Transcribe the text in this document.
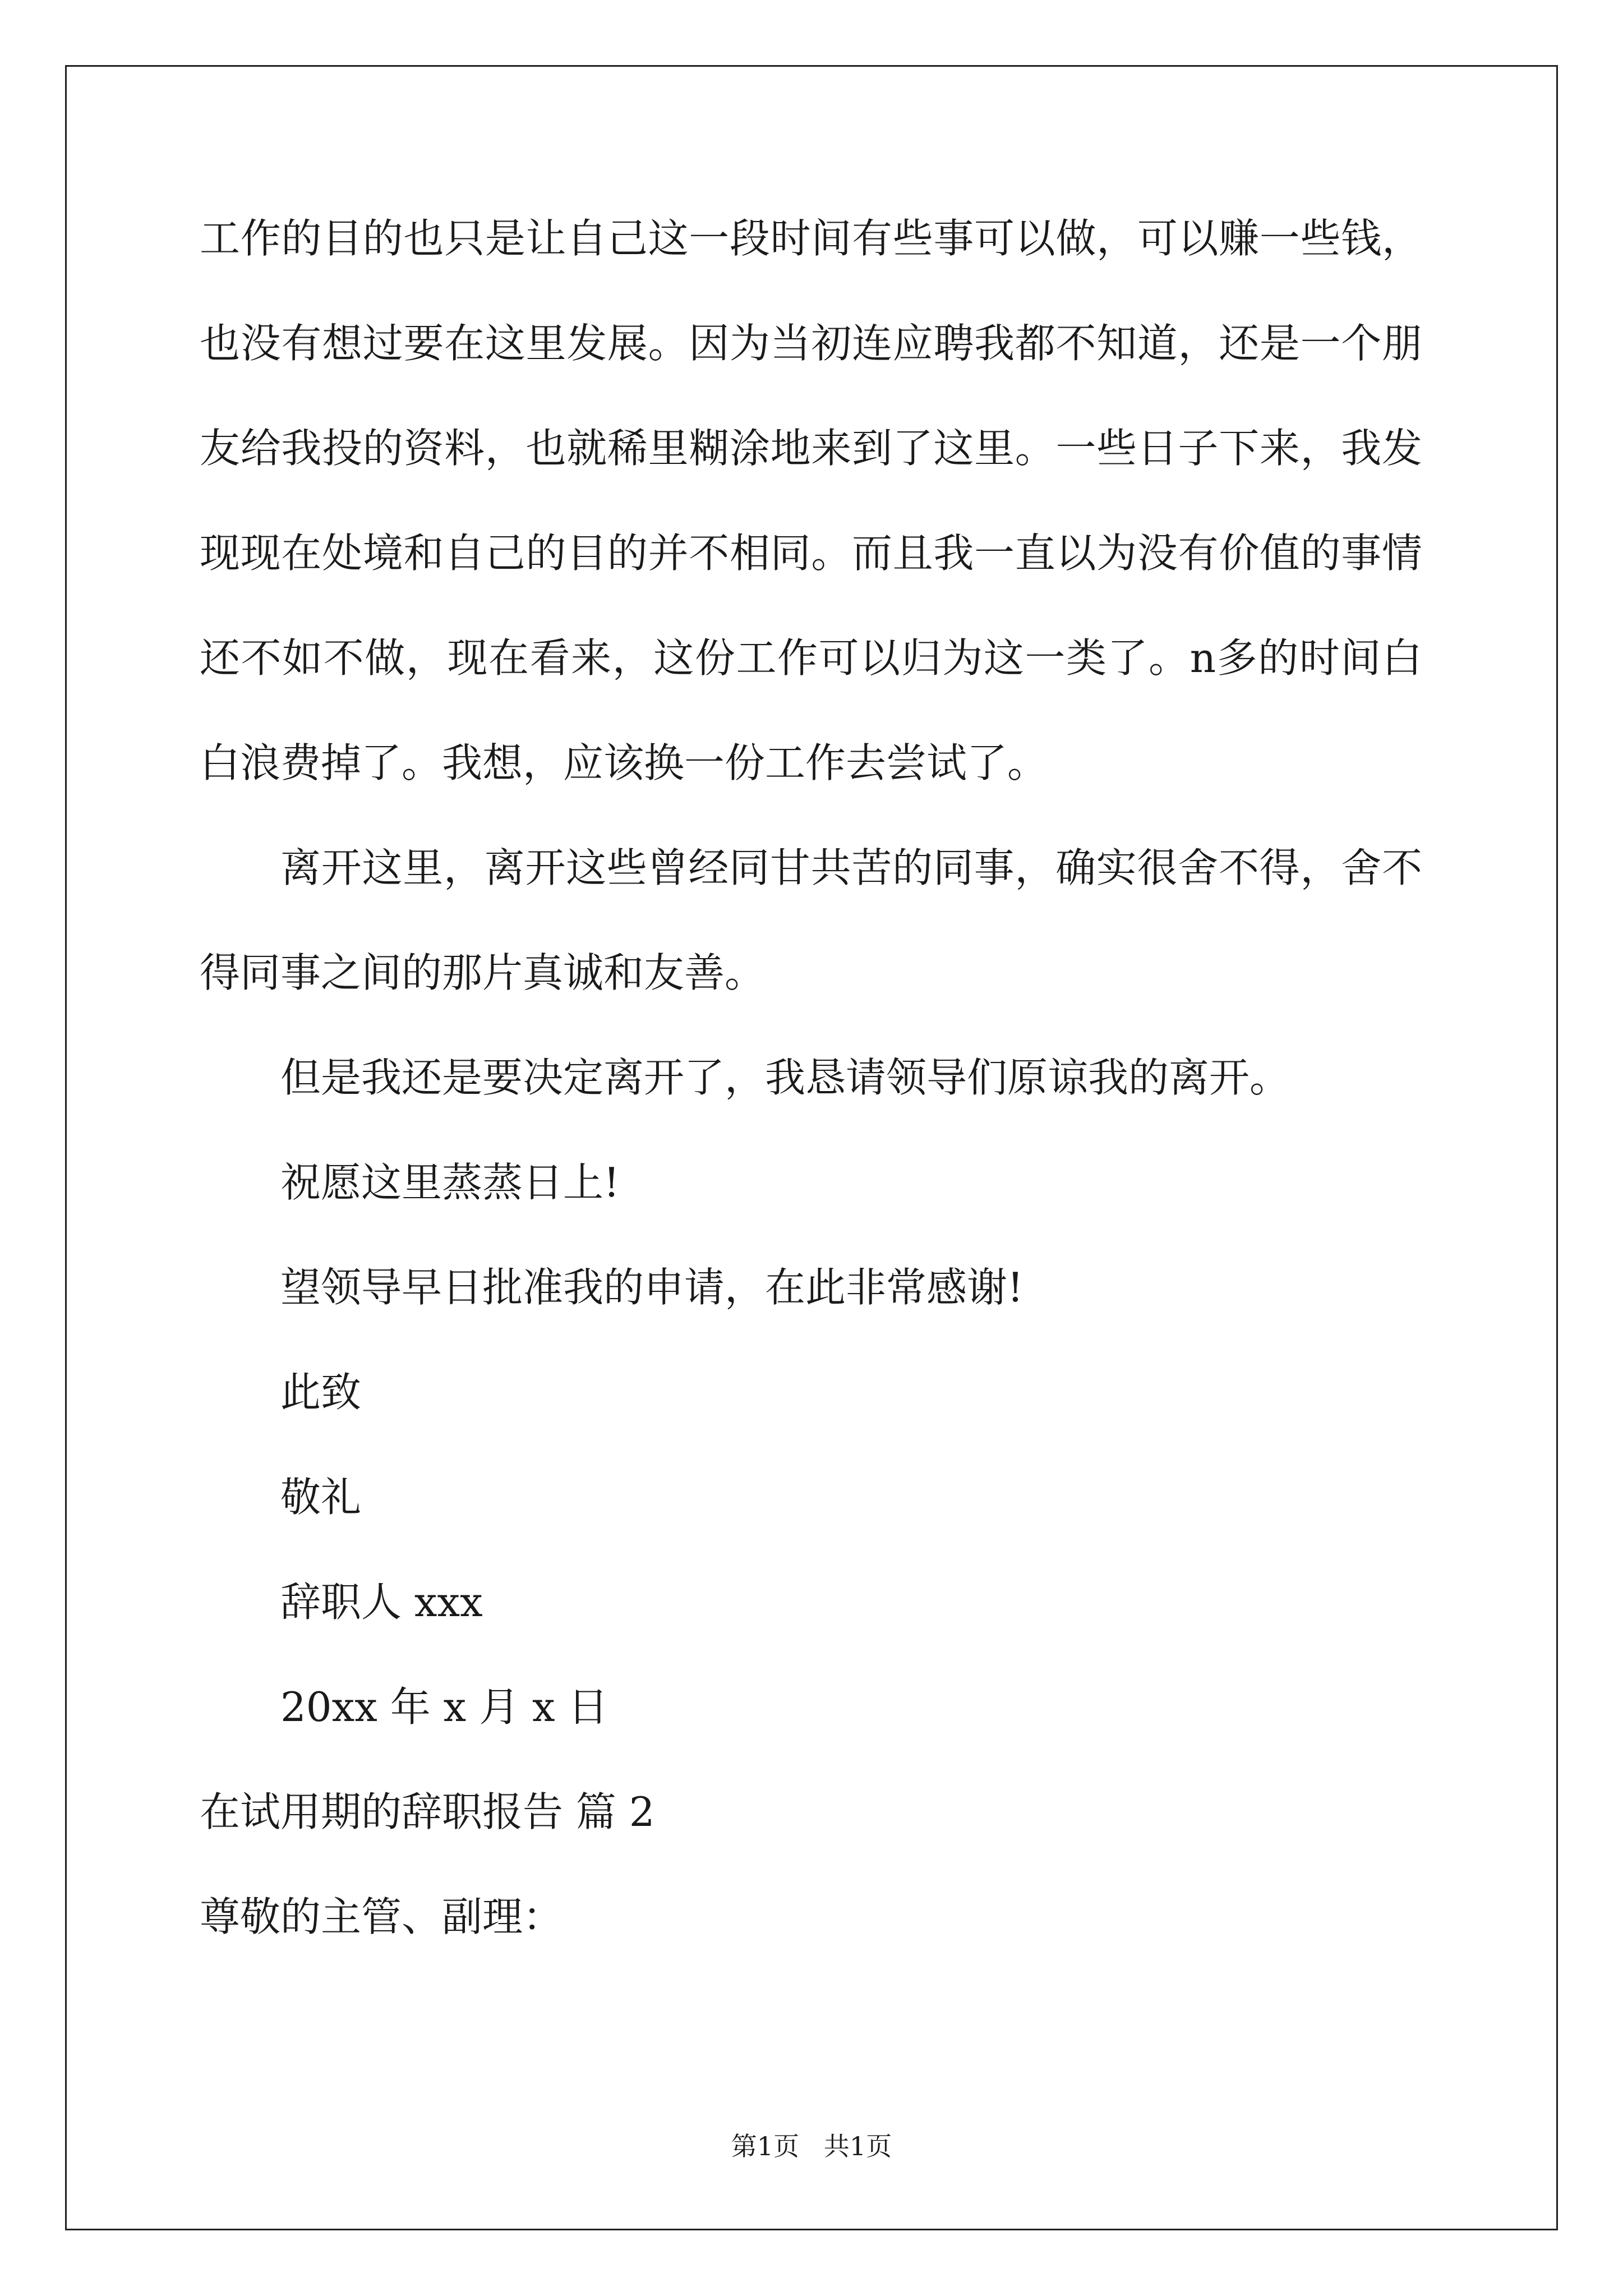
工作的目的也只是让自己这一段时间有些事可以做，可以赚一些钱，也没有想过要在这里发展。因为当初连应聘我都不知道，还是一个朋友给我投的资料，也就稀里糊涂地来到了这里。一些日子下来，我发现现在处境和自己的目的并不相同。而且我一直以为没有价值的事情还不如不做，现在看来，这份工作可以归为这一类了。n多的时间白白浪费掉了。我想，应该换一份工作去尝试了。

离开这里，离开这些曾经同甘共苦的同事，确实很舍不得，舍不得同事之间的那片真诚和友善。

但是我还是要决定离开了，我恳请领导们原谅我的离开。

祝愿这里蒸蒸日上!

望领导早日批准我的申请，在此非常感谢!

此致

敬礼

辞职人 xxx

20xx 年 x 月 x 日

在试用期的辞职报告 篇 2

尊敬的主管、副理：

第1页   共1页
